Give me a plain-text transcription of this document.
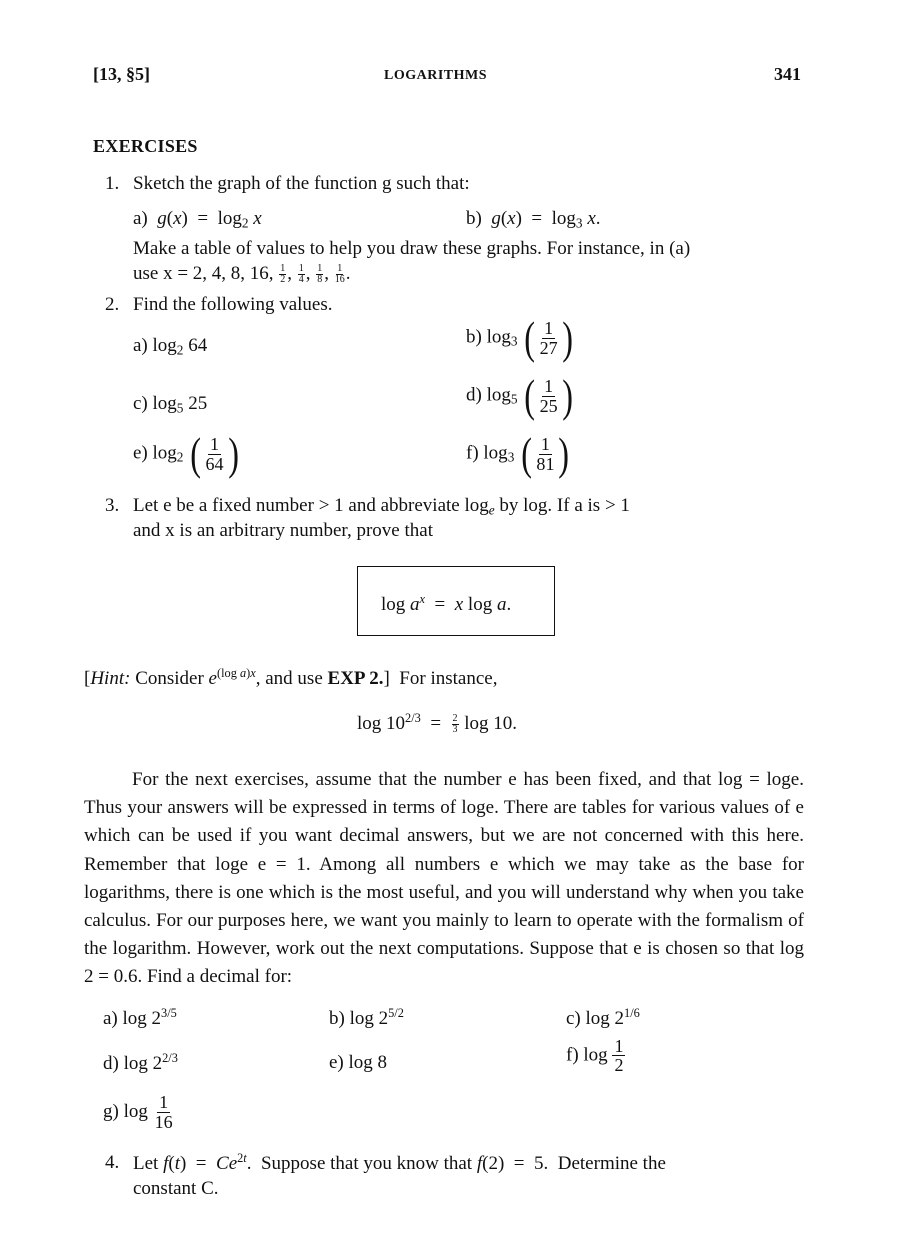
[13, §5]	LOGARITHMS	341
EXERCISES
1. Sketch the graph of the function g such that:
a) $g(x) = \log_2 x$	b) $g(x) = \log_3 x$.
Make a table of values to help you draw these graphs. For instance, in (a)
use x = 2, 4, 8, 16, $\frac{1}{2}$ , $\frac{1}{4}$ , $\frac{1}{8}$ , $\frac{1}{16}$ .
2. Find the following values.
a) $\log_2 64$	b) $\log_3$ ( $\frac{1}{27}$ )
c) $\log_5 25$	d) $\log_5$ ( $\frac{1}{25}$ )
e) $\log_2$ ( $\frac{1}{64}$ )	f) $\log_3$ ( $\frac{1}{81}$ )
3. Let e be a fixed number > 1 and abbreviate $\log_e$ by log. If a is > 1
and x is an arbitrary number, prove that
$\log a^x = x$ log a.
[Hint: Consider $e^{(log a)x}$, and use EXP 2.]  For instance,
$\log 10^{2/3} = \frac{2}{3}$ log 10.

For the next exercises, assume that the number e has been fixed, and that log = loge. Thus your answers will be expressed in terms of loge. There are tables for various values of e which can be used if you want decimal answers, but we are not concerned with this here. Remember that loge e = 1. Among all numbers e which we may take as the base for logarithms, there is one which is the most useful, and you will understand why when you take calculus. For our purposes here, we want you mainly to learn to operate with the formalism of the logarithm. However, work out the next computations. Suppose that e is chosen so that log 2 = 0.6. Find a decimal for:

a) $\log 2^{3/5}$	b) $\log 2^{5/2}$	c) $\log 2^{1/6}$
d) $\log 2^{2/3}$	e) log 8	f) $\log \frac{1}{2}$
g) $\log \frac{1}{16}$
4. Let $f(t) = Ce^{2t}$.  Suppose that you know that f(2)  =  5.  Determine the
constant C.
